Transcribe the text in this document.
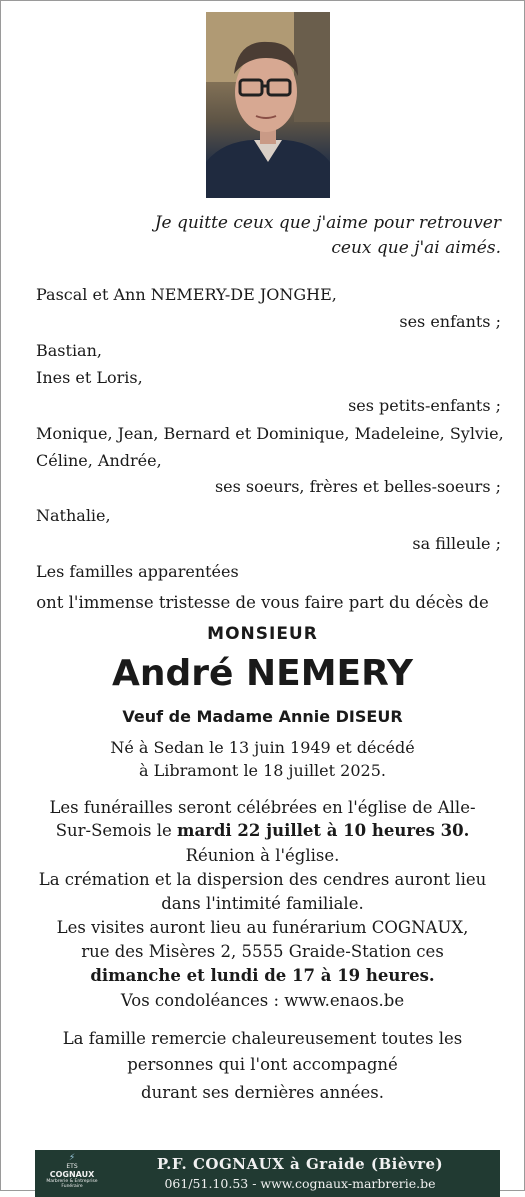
Je quitte ceux que j'aime pour retrouver
ceux que j'ai aimés.
Pascal et Ann NEMERY-DE JONGHE,
ses enfants ;
Bastian,
Ines et Loris,
ses petits-enfants ;
Monique, Jean, Bernard et Dominique, Madeleine, Sylvie,
Céline, Andrée,
ses soeurs, frères et belles-soeurs ;
Nathalie,
sa filleule ;
Les familles apparentées
ont l'immense tristesse de vous faire part du décès de
MONSIEUR
André NEMERY
Veuf de Madame Annie DISEUR
Né à Sedan le 13 juin 1949 et décédé
à Libramont le 18 juillet 2025.
Les funérailles seront célébrées en l'église de Alle-
Sur-Semois le mardi 22 juillet à 10 heures 30.
Réunion à l'église.
La crémation et la dispersion des cendres auront lieu
dans l'intimité familiale.
Les visites auront lieu au funérarium COGNAUX,
rue des Misères 2, 5555 Graide-Station ces
dimanche et lundi de 17 à 19 heures.
Vos condoléances : www.enaos.be
La famille remercie chaleureusement toutes les
personnes qui l'ont accompagné
durant ses dernières années.
⚡
ETS
COGNAUX
Marbrerie & Entreprise Funéraire
P.F. COGNAUX à Graide (Bièvre)
061/51.10.53 - www.cognaux-marbrerie.be
